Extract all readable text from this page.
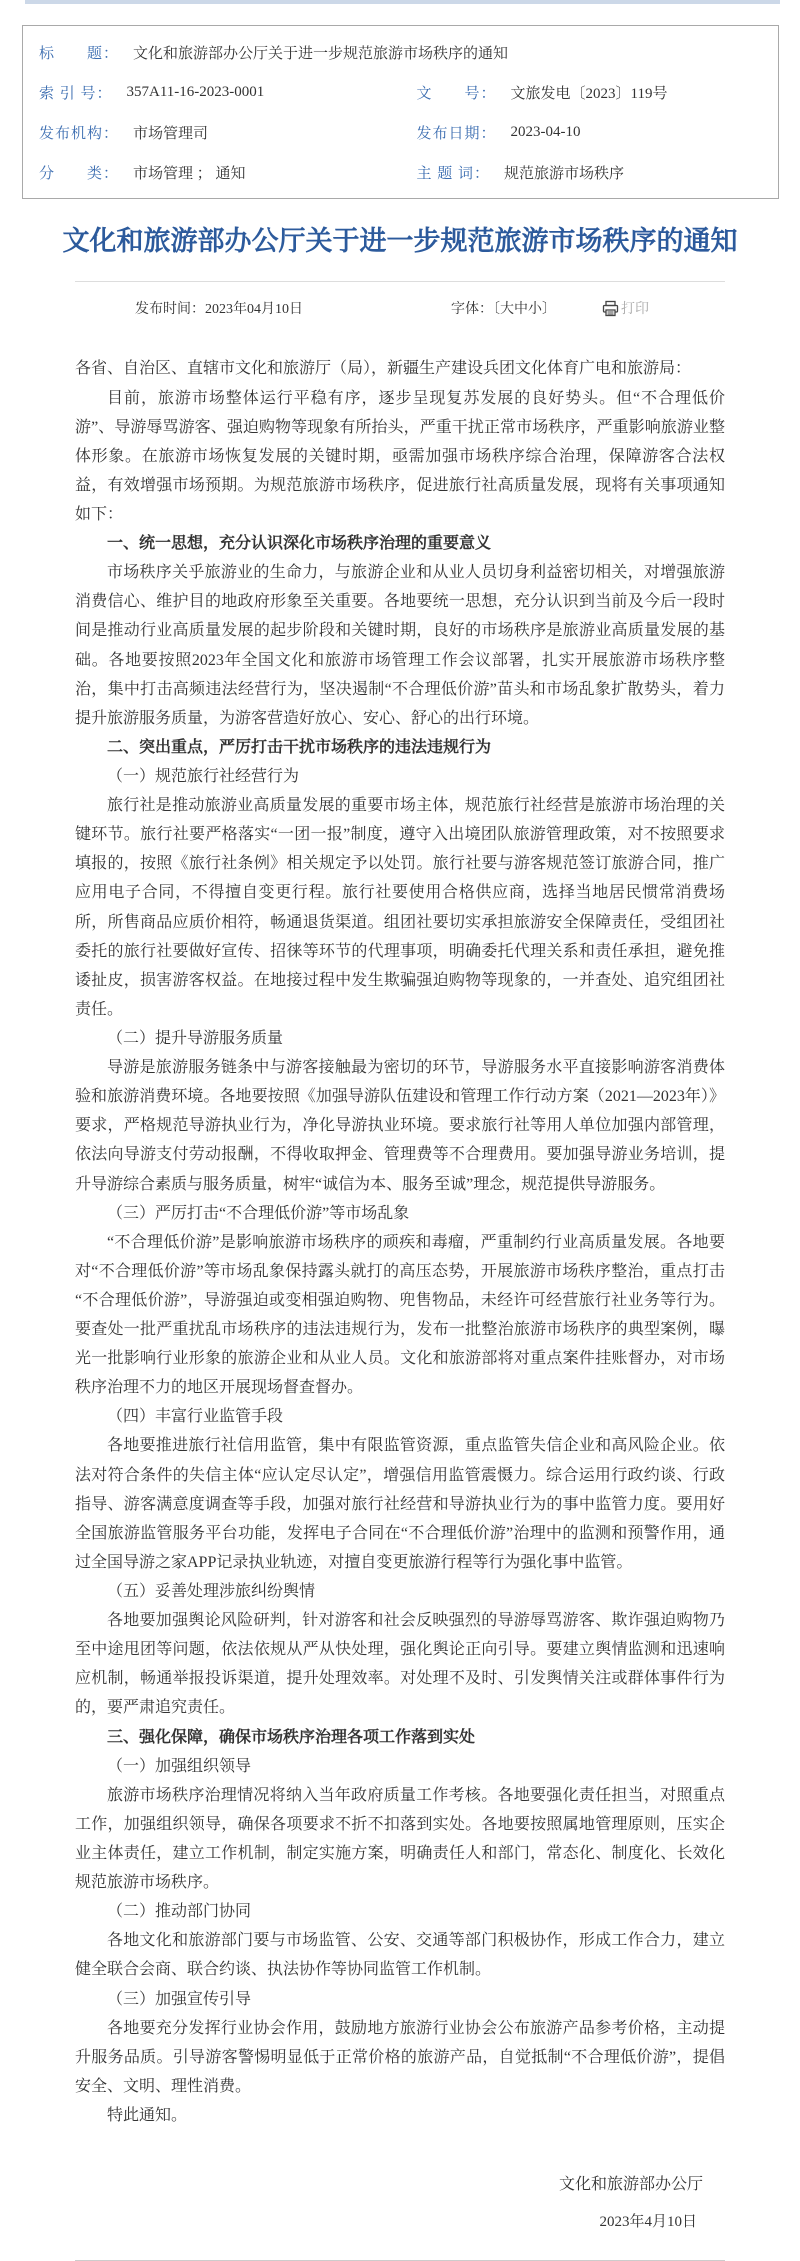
标　　题： 文化和旅游部办公厅关于进一步规范旅游市场秩序的通知
索 引 号： 357A11-16-2023-0001	文　　号： 文旅发电〔2023〕119号
发布机构： 市场管理司	发布日期： 2023-04-10
分　　类： 市场管理 ； 通知	主 题 词： 规范旅游市场秩序
文化和旅游部办公厅关于进一步规范旅游市场秩序的通知
发布时间：2023年04月10日	字体：〔大中小〕	打印

各省、自治区、直辖市文化和旅游厅（局），新疆生产建设兵团文化体育广电和旅游局：

目前，旅游市场整体运行平稳有序，逐步呈现复苏发展的良好势头。但“不合理低价游”、导游辱骂游客、强迫购物等现象有所抬头，严重干扰正常市场秩序，严重影响旅游业整体形象。在旅游市场恢复发展的关键时期，亟需加强市场秩序综合治理，保障游客合法权益，有效增强市场预期。为规范旅游市场秩序，促进旅行社高质量发展，现将有关事项通知如下：

一、统一思想，充分认识深化市场秩序治理的重要意义

市场秩序关乎旅游业的生命力，与旅游企业和从业人员切身利益密切相关，对增强旅游消费信心、维护目的地政府形象至关重要。各地要统一思想，充分认识到当前及今后一段时间是推动行业高质量发展的起步阶段和关键时期，良好的市场秩序是旅游业高质量发展的基础。各地要按照2023年全国文化和旅游市场管理工作会议部署，扎实开展旅游市场秩序整治，集中打击高频违法经营行为，坚决遏制“不合理低价游”苗头和市场乱象扩散势头，着力提升旅游服务质量，为游客营造好放心、安心、舒心的出行环境。

二、突出重点，严厉打击干扰市场秩序的违法违规行为

（一）规范旅行社经营行为

旅行社是推动旅游业高质量发展的重要市场主体，规范旅行社经营是旅游市场治理的关键环节。旅行社要严格落实“一团一报”制度，遵守入出境团队旅游管理政策，对不按照要求填报的，按照《旅行社条例》相关规定予以处罚。旅行社要与游客规范签订旅游合同，推广应用电子合同，不得擅自变更行程。旅行社要使用合格供应商，选择当地居民惯常消费场所，所售商品应质价相符，畅通退货渠道。组团社要切实承担旅游安全保障责任，受组团社委托的旅行社要做好宣传、招徕等环节的代理事项，明确委托代理关系和责任承担，避免推诿扯皮，损害游客权益。在地接过程中发生欺骗强迫购物等现象的，一并查处、追究组团社责任。

（二）提升导游服务质量

导游是旅游服务链条中与游客接触最为密切的环节，导游服务水平直接影响游客消费体验和旅游消费环境。各地要按照《加强导游队伍建设和管理工作行动方案（2021—2023年）》要求，严格规范导游执业行为，净化导游执业环境。要求旅行社等用人单位加强内部管理，依法向导游支付劳动报酬，不得收取押金、管理费等不合理费用。要加强导游业务培训，提升导游综合素质与服务质量，树牢“诚信为本、服务至诚”理念，规范提供导游服务。

（三）严厉打击“不合理低价游”等市场乱象

“不合理低价游”是影响旅游市场秩序的顽疾和毒瘤，严重制约行业高质量发展。各地要对“不合理低价游”等市场乱象保持露头就打的高压态势，开展旅游市场秩序整治，重点打击“不合理低价游”，导游强迫或变相强迫购物、兜售物品，未经许可经营旅行社业务等行为。要查处一批严重扰乱市场秩序的违法违规行为，发布一批整治旅游市场秩序的典型案例，曝光一批影响行业形象的旅游企业和从业人员。文化和旅游部将对重点案件挂账督办，对市场秩序治理不力的地区开展现场督查督办。

（四）丰富行业监管手段

各地要推进旅行社信用监管，集中有限监管资源，重点监管失信企业和高风险企业。依法对符合条件的失信主体“应认定尽认定”，增强信用监管震慑力。综合运用行政约谈、行政指导、游客满意度调查等手段，加强对旅行社经营和导游执业行为的事中监管力度。要用好全国旅游监管服务平台功能，发挥电子合同在“不合理低价游”治理中的监测和预警作用，通过全国导游之家APP记录执业轨迹，对擅自变更旅游行程等行为强化事中监管。

（五）妥善处理涉旅纠纷舆情

各地要加强舆论风险研判，针对游客和社会反映强烈的导游辱骂游客、欺诈强迫购物乃至中途甩团等问题，依法依规从严从快处理，强化舆论正向引导。要建立舆情监测和迅速响应机制，畅通举报投诉渠道，提升处理效率。对处理不及时、引发舆情关注或群体事件行为的，要严肃追究责任。

三、强化保障，确保市场秩序治理各项工作落到实处

（一）加强组织领导

旅游市场秩序治理情况将纳入当年政府质量工作考核。各地要强化责任担当，对照重点工作，加强组织领导，确保各项要求不折不扣落到实处。各地要按照属地管理原则，压实企业主体责任，建立工作机制，制定实施方案，明确责任人和部门，常态化、制度化、长效化规范旅游市场秩序。

（二）推动部门协同

各地文化和旅游部门要与市场监管、公安、交通等部门积极协作，形成工作合力，建立健全联合会商、联合约谈、执法协作等协同监管工作机制。

（三）加强宣传引导

各地要充分发挥行业协会作用，鼓励地方旅游行业协会公布旅游产品参考价格，主动提升服务品质。引导游客警惕明显低于正常价格的旅游产品，自觉抵制“不合理低价游”，提倡安全、文明、理性消费。

特此通知。

文化和旅游部办公厅
2023年4月10日
